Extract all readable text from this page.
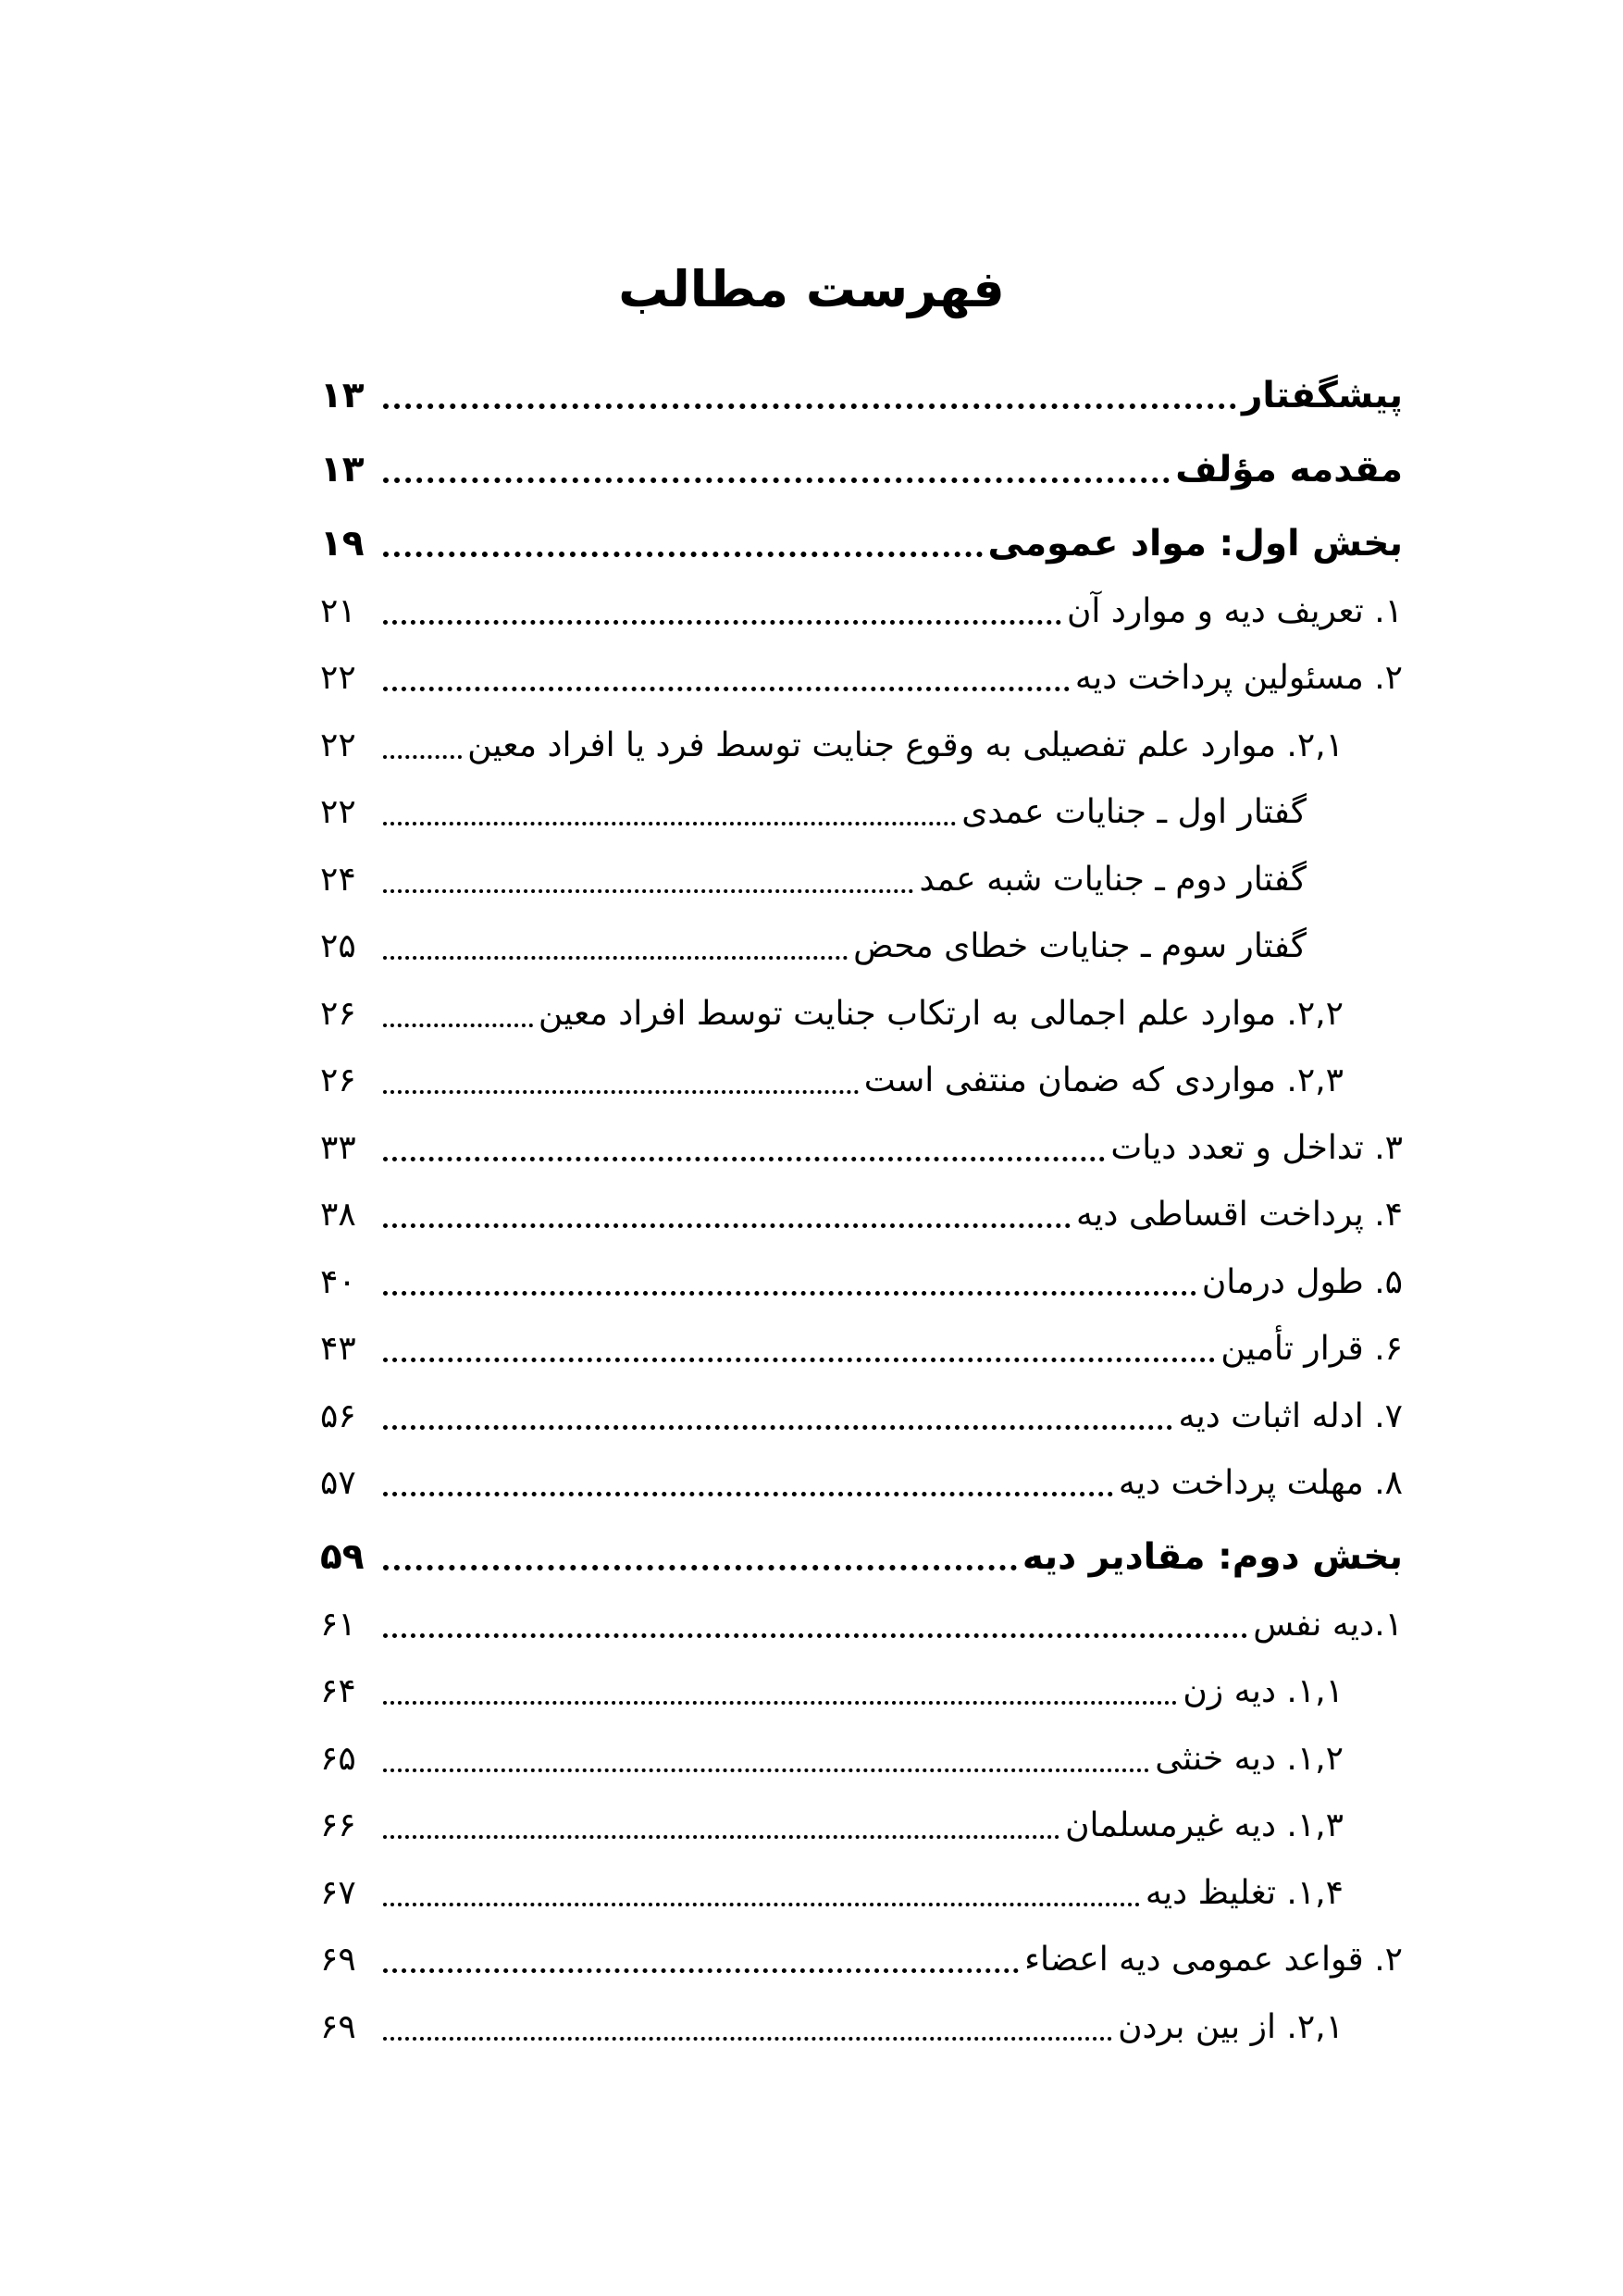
فهرست مطالب
پیشگفتار
۱۳
مقدمه مؤلف
۱۳
بخش اول: مواد عمومی
۱۹
۱. تعریف دیه و موارد آن
۲۱
۲. مسئولین پرداخت دیه
۲۲
۲,۱. موارد علم تفصیلی به وقوع جنایت توسط فرد یا افراد معین
۲۲
گفتار اول ـ جنایات عمدی
۲۲
گفتار دوم ـ جنایات شبه عمد
۲۴
گفتار سوم ـ جنایات خطای محض
۲۵
۲,۲. موارد علم اجمالی به ارتکاب جنایت توسط افراد معین
۲۶
۲,۳. مواردی که ضمان منتفی است
۲۶
۳. تداخل و تعدد دیات
۳۳
۴. پرداخت اقساطی دیه
۳۸
۵. طول درمان
۴۰
۶. قرار تأمین
۴۳
۷. ادله اثبات دیه
۵۶
۸. مهلت پرداخت دیه
۵۷
بخش دوم: مقادیر دیه
۵۹
۱.دیه نفس
۶۱
۱,۱. دیه زن
۶۴
۱,۲. دیه خنثی
۶۵
۱,۳. دیه غیرمسلمان
۶۶
۱,۴. تغلیظ دیه
۶۷
۲. قواعد عمومی دیه اعضاء
۶۹
۲,۱. از بین بردن
۶۹
